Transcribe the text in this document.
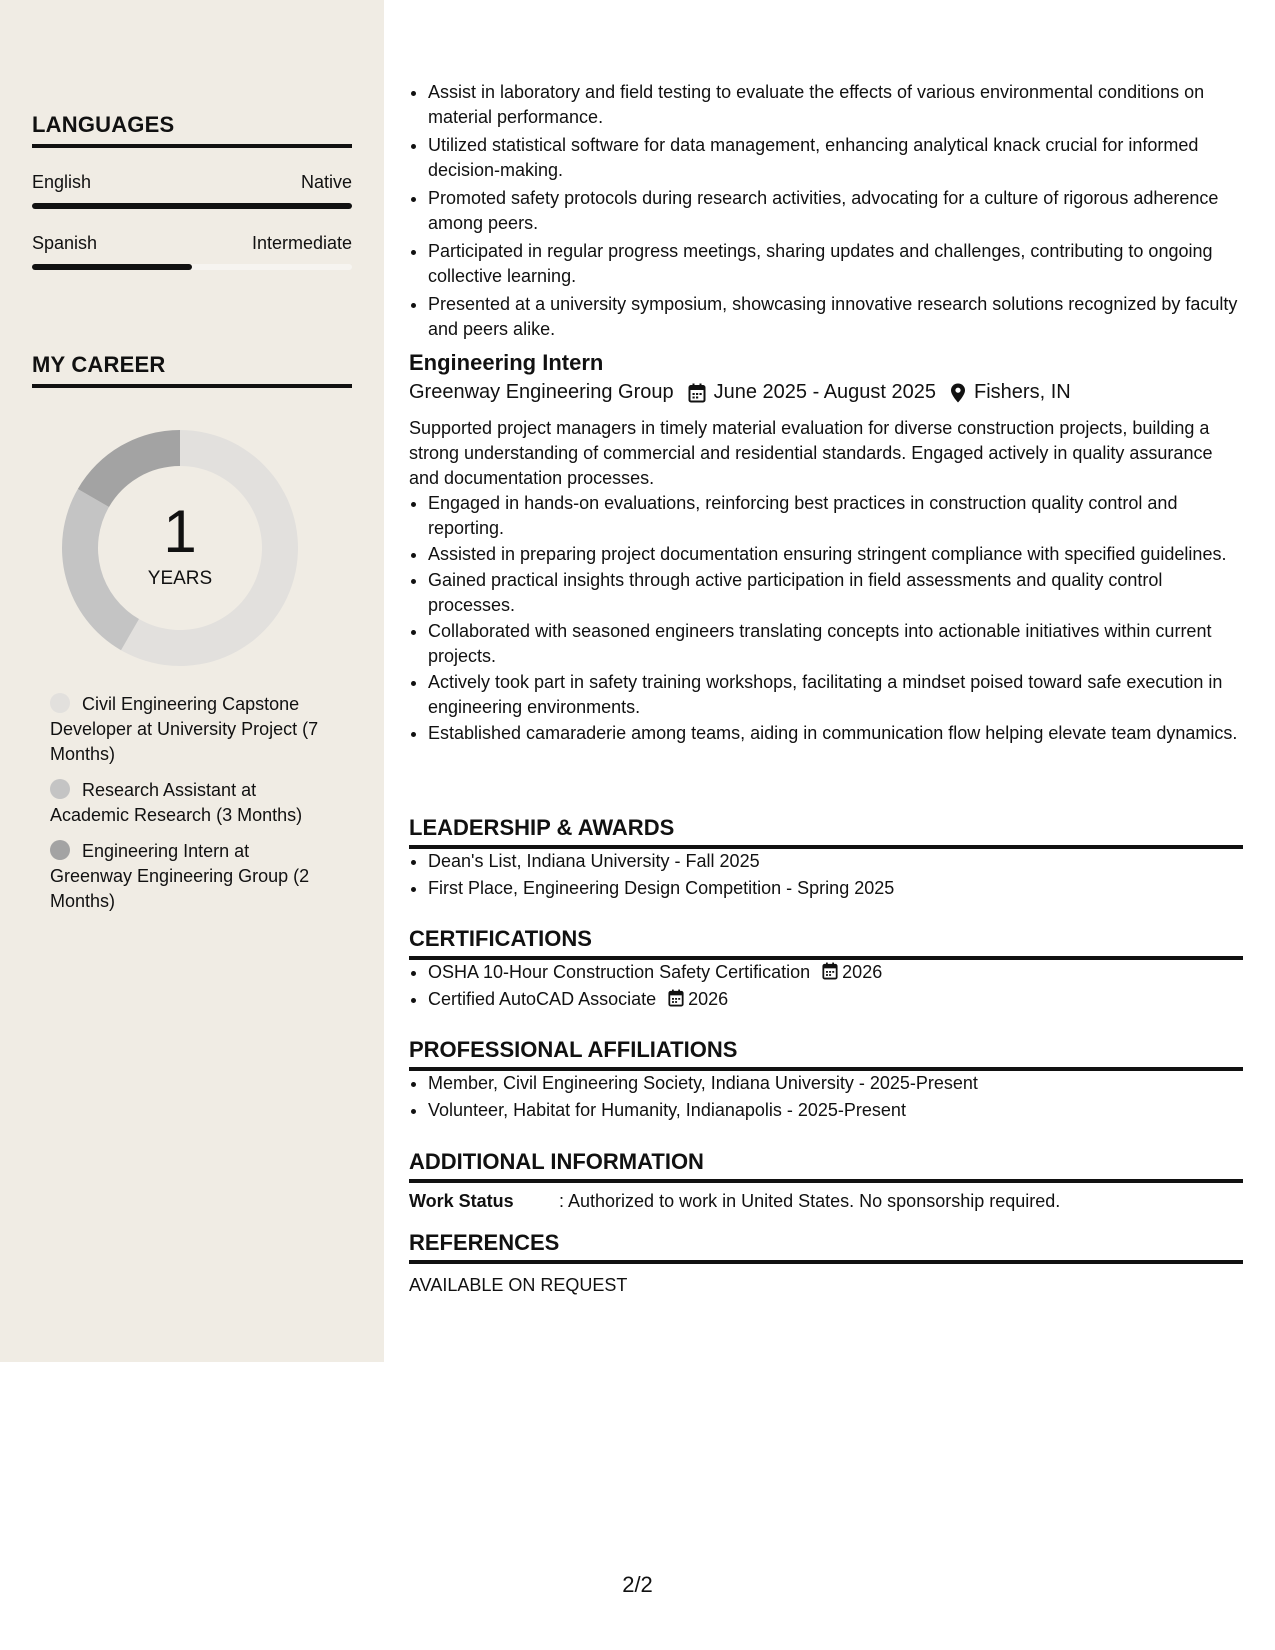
LANGUAGES
English	Native
Spanish	Intermediate
MY CAREER
1
YEARS
Civil Engineering Capstone Developer at University Project (7 Months)
Research Assistant at Academic Research (3 Months)
Engineering Intern at Greenway Engineering Group (2 Months)
• Assist in laboratory and field testing to evaluate the effects of various environmental conditions on material performance.
• Utilized statistical software for data management, enhancing analytical knack crucial for informed decision-making.
• Promoted safety protocols during research activities, advocating for a culture of rigorous adherence among peers.
• Participated in regular progress meetings, sharing updates and challenges, contributing to ongoing collective learning.
• Presented at a university symposium, showcasing innovative research solutions recognized by faculty and peers alike.
Engineering Intern
Greenway Engineering Group June 2025 - August 2025 Fishers, IN
Supported project managers in timely material evaluation for diverse construction projects, building a strong understanding of commercial and residential standards. Engaged actively in quality assurance and documentation processes.
• Engaged in hands-on evaluations, reinforcing best practices in construction quality control and reporting.
• Assisted in preparing project documentation ensuring stringent compliance with specified guidelines.
• Gained practical insights through active participation in field assessments and quality control processes.
• Collaborated with seasoned engineers translating concepts into actionable initiatives within current projects.
• Actively took part in safety training workshops, facilitating a mindset poised toward safe execution in engineering environments.
• Established camaraderie among teams, aiding in communication flow helping elevate team dynamics.
LEADERSHIP & AWARDS
• Dean's List, Indiana University - Fall 2025
• First Place, Engineering Design Competition - Spring 2025
CERTIFICATIONS
• OSHA 10-Hour Construction Safety Certification 2026
• Certified AutoCAD Associate 2026
PROFESSIONAL AFFILIATIONS
• Member, Civil Engineering Society, Indiana University - 2025-Present
• Volunteer, Habitat for Humanity, Indianapolis - 2025-Present
ADDITIONAL INFORMATION
Work Status	: Authorized to work in United States. No sponsorship required.
REFERENCES
AVAILABLE ON REQUEST
2/2
